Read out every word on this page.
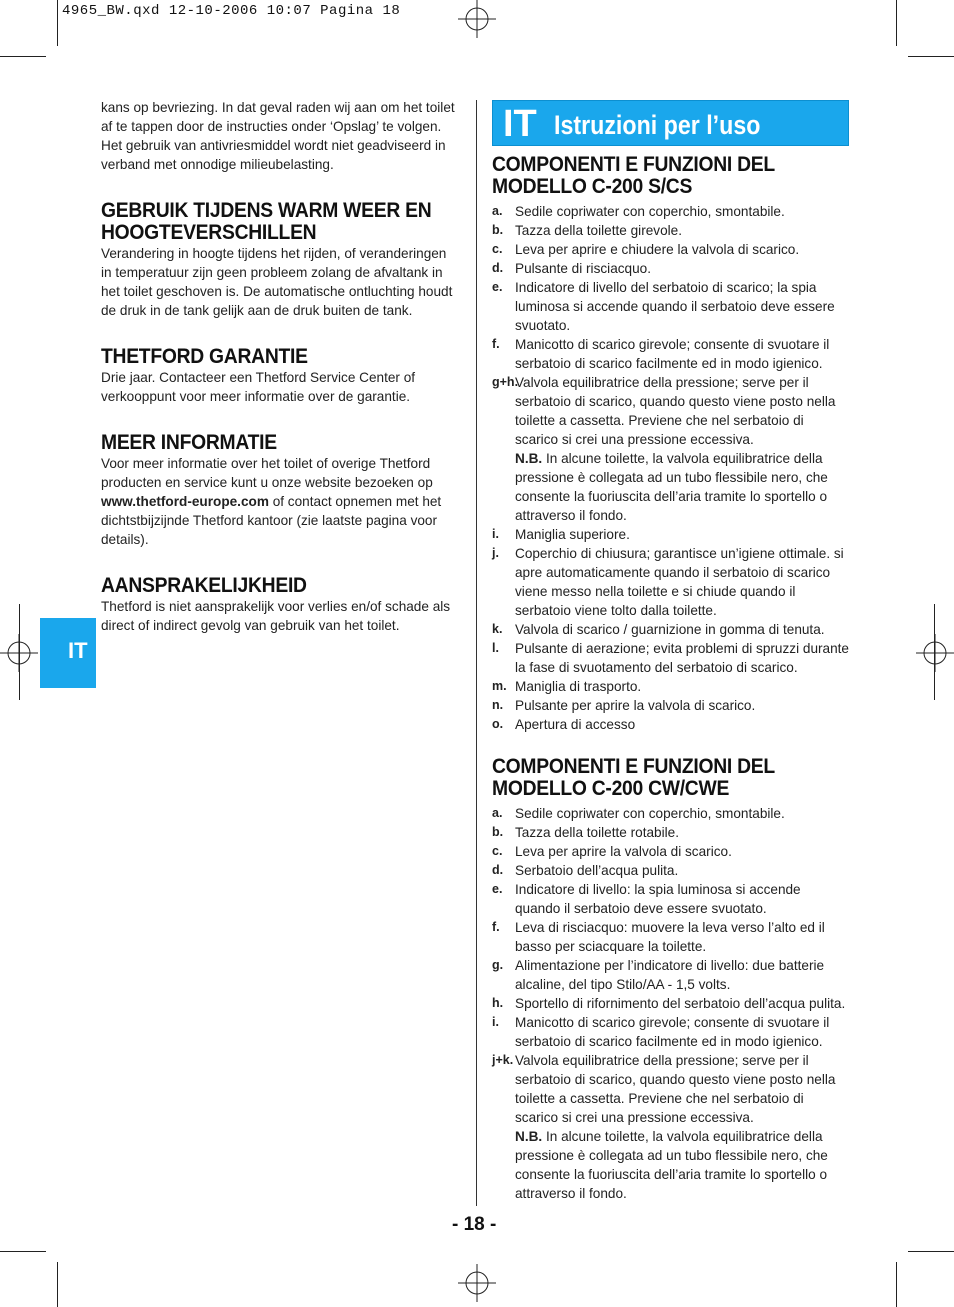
4965_BW.qxd 12-10-2006 10:07 Pagina 18
IT

kans op bevriezing. In dat geval raden wij aan om het toilet af te tappen door de instructies onder ‘Opslag’ te volgen. Het gebruik van antivriesmiddel wordt niet geadviseerd in verband met onnodige milieubelasting.

GEBRUIK TIJDENS WARM WEER EN HOOGTEVERSCHILLEN

Verandering in hoogte tijdens het rijden, of veranderingen in temperatuur zijn geen probleem zolang de afvaltank in het toilet geschoven is. De automatische ontluchting houdt de druk in de tank gelijk aan de druk buiten de tank.

THETFORD GARANTIE

Drie jaar. Contacteer een Thetford Service Center of verkooppunt voor meer informatie over de garantie.

MEER INFORMATIE

Voor meer informatie over het toilet of overige Thetford producten en service kunt u onze website bezoeken op www.thetford-europe.com of contact opnemen met het dichtstbijzijnde Thetford kantoor (zie laatste pagina voor details).

AANSPRAKELIJKHEID

Thetford is niet aansprakelijk voor verlies en/of schade als direct of indirect gevolg van gebruik van het toilet.

IT Istruzioni per l’uso
COMPONENTI E FUNZIONI DEL
MODELLO C-200 S/CS
a. Sedile copriwater con coperchio, smontabile.
b. Tazza della toilette girevole.
c. Leva per aprire e chiudere la valvola di scarico.
d. Pulsante di risciacquo.
e. Indicatore di livello del serbatoio di scarico; la spia luminosa si accende quando il serbatoio deve essere svuotato.
f. Manicotto di scarico girevole; consente di svuotare il serbatoio di scarico facilmente ed in modo igienico.
g+h.
Valvola equilibratrice della pressione; serve per il serbatoio di scarico, quando questo viene posto nella toilette a cassetta. Previene che nel serbatoio di scarico si crei una pressione eccessiva.
N.B. In alcune toilette, la valvola equilibratrice della pressione è collegata ad un tubo flessibile nero, che consente la fuoriuscita dell’aria tramite lo sportello o attraverso il fondo.
i. Maniglia superiore.
j. Coperchio di chiusura; garantisce un’igiene ottimale. si apre automaticamente quando il serbatoio di scarico viene messo nella toilette e si chiude quando il serbatoio viene tolto dalla toilette.
k. Valvola di scarico / guarnizione in gomma di tenuta.
l. Pulsante di aerazione; evita problemi di spruzzi durante la fase di svuotamento del serbatoio di scarico.
m. Maniglia di trasporto.
n. Pulsante per aprire la valvola di scarico.
o. Apertura di accesso
COMPONENTI E FUNZIONI DEL
MODELLO C-200 CW/CWE
a. Sedile copriwater con coperchio, smontabile.
b. Tazza della toilette rotabile.
c. Leva per aprire la valvola di scarico.
d. Serbatoio dell’acqua pulita.
e. Indicatore di livello: la spia luminosa si accende quando il serbatoio deve essere svuotato.
f. Leva di risciacquo: muovere la leva verso l’alto ed il basso per sciacquare la toilette.
g. Alimentazione per l’indicatore di livello: due batterie alcaline, del tipo Stilo/AA - 1,5 volts.
h. Sportello di rifornimento del serbatoio dell’acqua pulita.
i. Manicotto di scarico girevole; consente di svuotare il serbatoio di scarico facilmente ed in modo igienico.
j+k. Valvola equilibratrice della pressione; serve per il serbatoio di scarico, quando questo viene posto nella toilette a cassetta. Previene che nel serbatoio di scarico si crei una pressione eccessiva.
N.B. In alcune toilette, la valvola equilibratrice della pressione è collegata ad un tubo flessibile nero, che consente la fuoriuscita dell’aria tramite lo sportello o attraverso il fondo.
- 18 -
